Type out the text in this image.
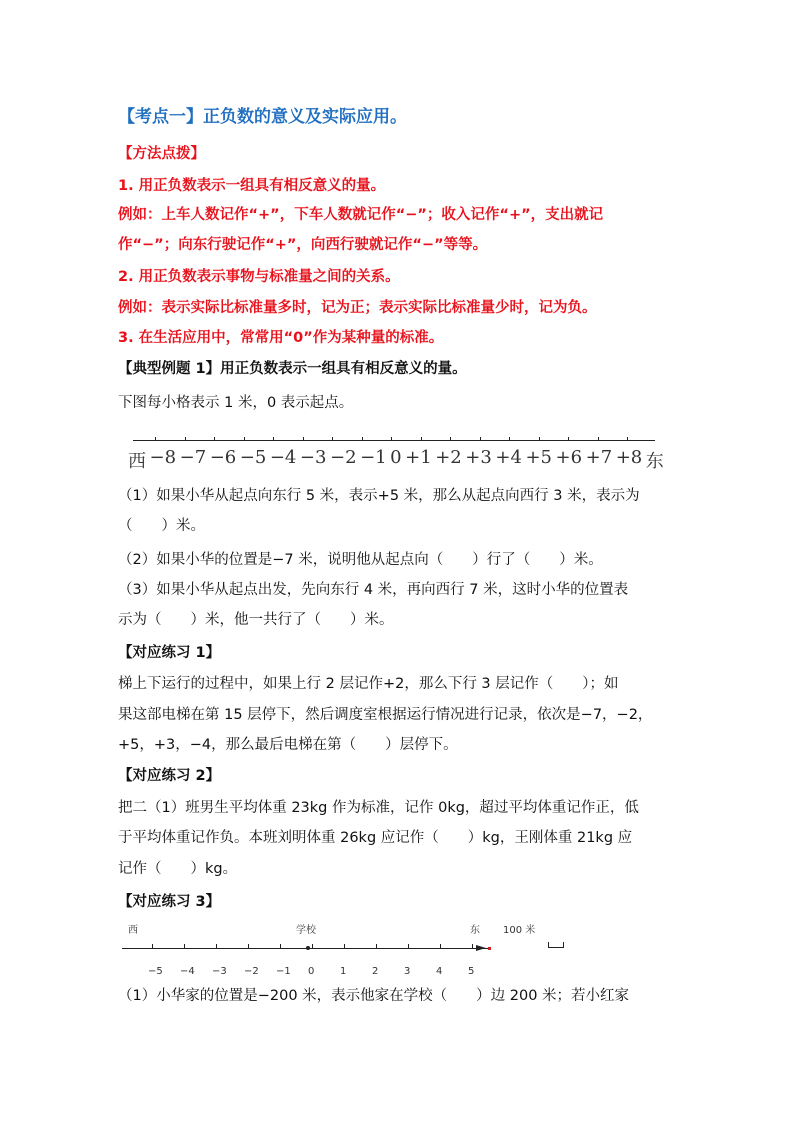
【考点一】正负数的意义及实际应用。
【方法点拨】
1. 用正负数表示一组具有相反意义的量。
例如：上车人数记作“+”，下车人数就记作“−”；收入记作“+”，支出就记
作“−”；向东行驶记作“+”，向西行驶就记作“−”等等。
2. 用正负数表示事物与标准量之间的关系。
例如：表示实际比标准量多时，记为正；表示实际比标准量少时，记为负。
3. 在生活应用中，常常用“0”作为某种量的标准。
【典型例题 1】用正负数表示一组具有相反意义的量。
下图每小格表示 1 米，0 表示起点。
西	东
−8 −7 −6 −5 −4 −3 −2 −1 0 +1 +2 +3 +4 +5 +6 +7 +8
（1）如果小华从起点向东行 5 米，表示+5 米，那么从起点向西行 3 米，表示为
（　　）米。
（2）如果小华的位置是−7 米，说明他从起点向（　　）行了（　　）米。
（3）如果小华从起点出发，先向东行 4 米，再向西行 7 米，这时小华的位置表
示为（　　）米，他一共行了（　　）米。
【对应练习 1】
梯上下运行的过程中，如果上行 2 层记作+2，那么下行 3 层记作（　　）；如
果这部电梯在第 15 层停下，然后调度室根据运行情况进行记录，依次是−7，−2，
+5，+3，−4，那么最后电梯在第（　　）层停下。
【对应练习 2】
把二（1）班男生平均体重 23kg 作为标准，记作 0kg，超过平均体重记作正，低
于平均体重记作负。本班刘明体重 26kg 应记作（　　）kg，王刚体重 21kg 应
记作（　　）kg。
【对应练习 3】
西	学校	东 100 米
−5 −4 −3 −2 −1 0	1	2	3	4	5
（1）小华家的位置是−200 米，表示他家在学校（　　）边 200 米；若小红家
